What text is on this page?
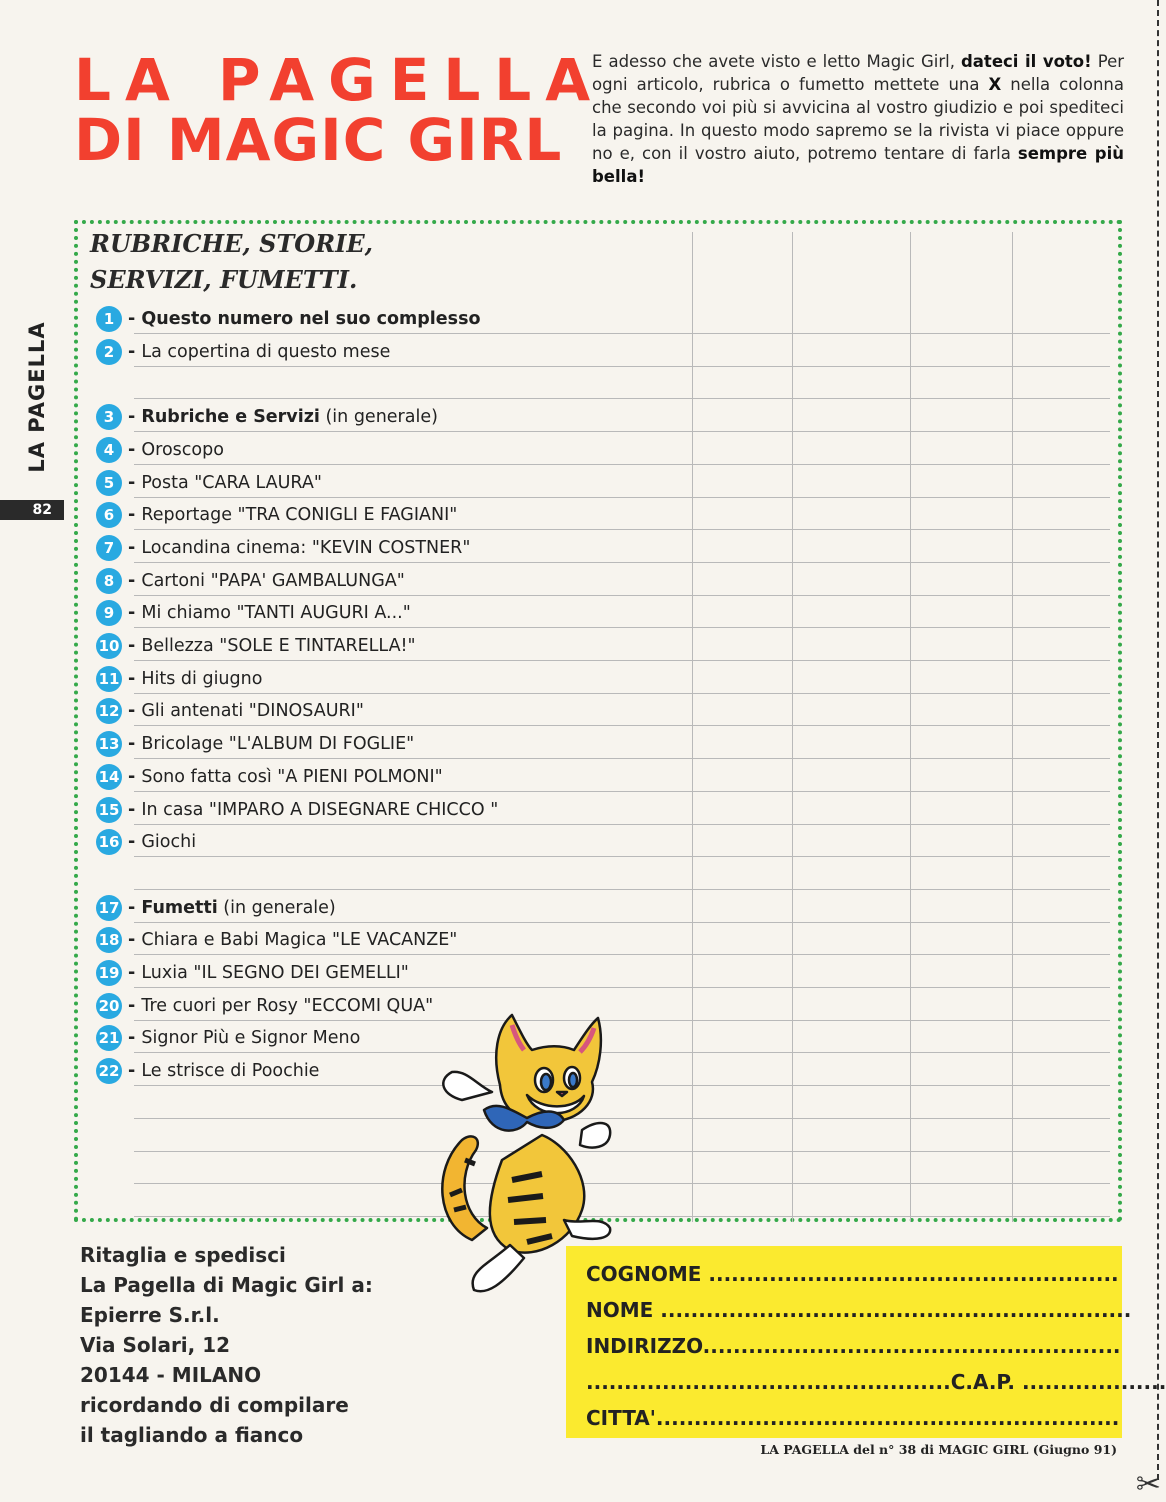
✂
LA PAGELLA
82
LA PAGELLA
DI MAGIC GIRL

E adesso che avete visto e letto Magic Girl, dateci il voto! Per ogni articolo, rubrica o fumetto mettete una X nella colonna che secondo voi più si avvicina al vostro giudizio e poi spediteci la pagina. In questo modo sapremo se la rivista vi piace oppure no e, con il vostro aiuto, potremo tentare di farla sempre più bella!

RUBRICHE, STORIE,
SERVIZI, FUMETTI.
1 - Questo numero nel suo complesso
2 - La copertina di questo mese
3 - Rubriche e Servizi (in generale)
4 - Oroscopo
5 - Posta "CARA LAURA"
6 - Reportage "TRA CONIGLI E FAGIANI"
7 - Locandina cinema: "KEVIN COSTNER"
8 - Cartoni "PAPA' GAMBALUNGA"
9 - Mi chiamo "TANTI AUGURI A..."
10 - Bellezza "SOLE E TINTARELLA!"
11 - Hits di giugno
12 - Gli antenati "DINOSAURI"
13 - Bricolage "L'ALBUM DI FOGLIE"
14 - Sono fatta così "A PIENI POLMONI"
15 - In casa "IMPARO A DISEGNARE CHICCO "
16 - Giochi
17 - Fumetti (in generale)
18 - Chiara e Babi Magica "LE VACANZE"
19 - Luxia "IL SEGNO DEI GEMELLI"
20 - Tre cuori per Rosy "ECCOMI QUA"
21 - Signor Più e Signor Meno
22 - Le strisce di Poochie

Ritaglia e spedisci
La Pagella di Magic Girl a:
Epierre S.r.l.
Via Solari, 12
20144 - MILANO
ricordando di compilare
il tagliando a fianco

COGNOME ......................................................
NOME ..............................................................
INDIRIZZO.......................................................
................................................C.A.P. ...................
CITTA'.............................................................
LA PAGELLA del n° 38 di MAGIC GIRL (Giugno 91)
